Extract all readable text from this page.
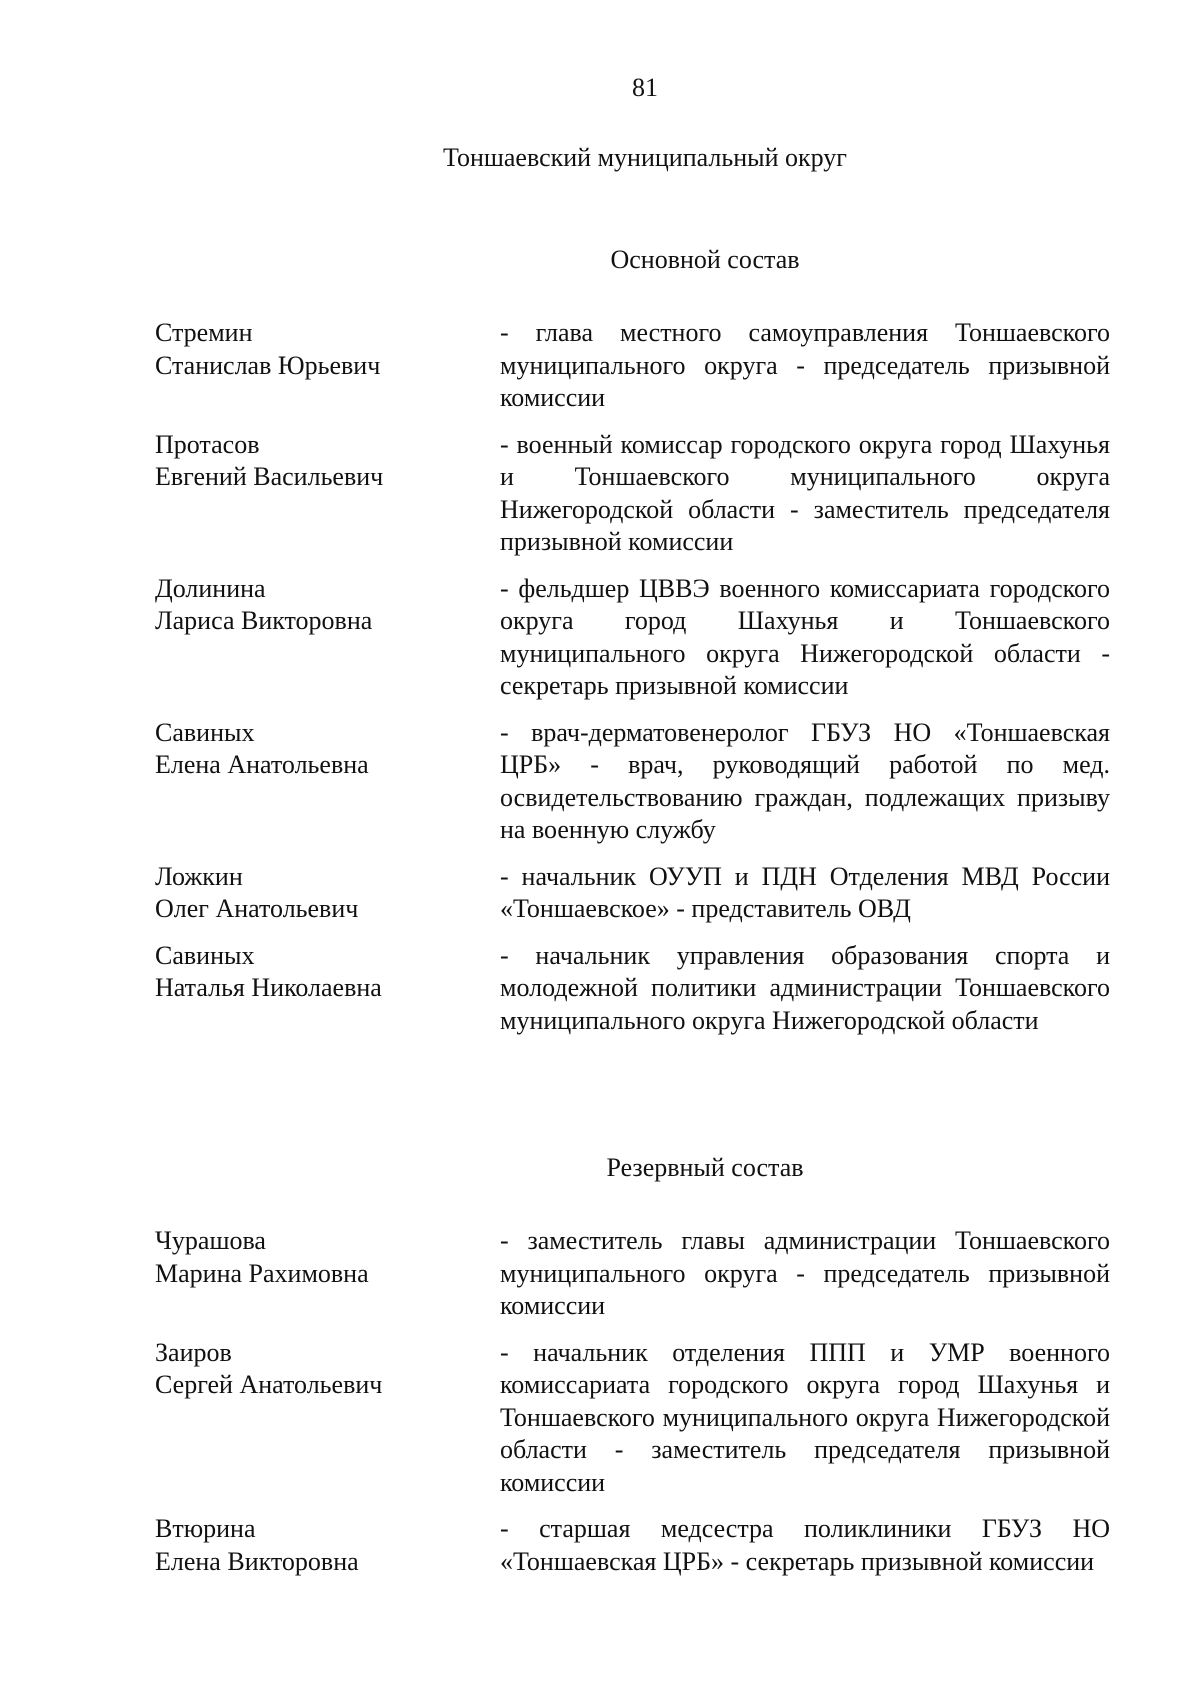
81
Тоншаевский муниципальный округ
Основной состав
Стремин
Станислав Юрьевич
- глава местного самоуправления Тоншаевского муниципального округа - председатель призывной комиссии
Протасов
Евгений Васильевич
- военный комиссар городского округа город Шахунья и Тоншаевского муниципального округа Нижегородской области - заместитель председателя призывной комиссии
Долинина
Лариса Викторовна
- фельдшер ЦВВЭ военного комиссариата городского округа город Шахунья и Тоншаевского муниципального округа Нижегородской области - секретарь призывной комиссии
Савиных
Елена Анатольевна
- врач-дерматовенеролог ГБУЗ НО «Тоншаевская ЦРБ» - врач, руководящий работой по мед. освидетельствованию граждан, подлежащих призыву на военную службу
Ложкин
Олег Анатольевич
- начальник ОУУП и ПДН Отделения МВД России «Тоншаевское» - представитель ОВД
Савиных
Наталья Николаевна
- начальник управления образования спорта и молодежной политики администрации Тоншаевского муниципального округа Нижегородской области
Резервный состав
Чурашова
Марина Рахимовна
- заместитель главы администрации Тоншаевского муниципального округа - председатель призывной комиссии
Заиров
Сергей Анатольевич
- начальник отделения ППП и УМР военного комиссариата городского округа город Шахунья и Тоншаевского муниципального округа Нижегородской области - заместитель председателя призывной комиссии
Втюрина
Елена Викторовна
- старшая медсестра поликлиники ГБУЗ НО «Тоншаевская ЦРБ» - секретарь призывной комиссии
